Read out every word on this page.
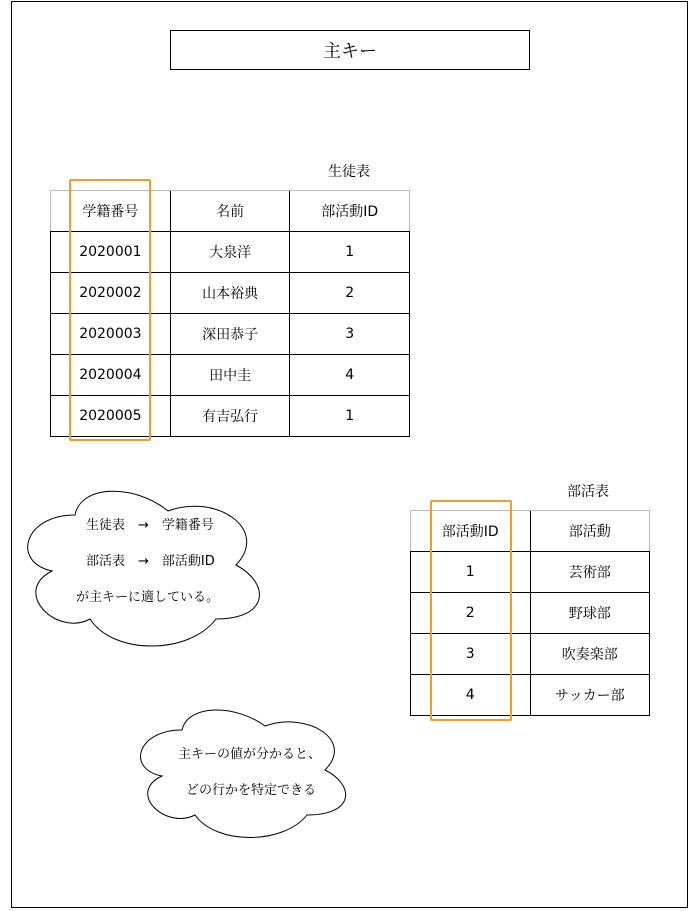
主キー
生徒表
学籍番号	名前	部活動ID
2020001	大泉洋	1
2020002	山本裕典	2
2020003	深田恭子	3
2020004	田中圭	4
2020005	有吉弘行	1
部活表
部活動ID	部活動
1	芸術部
2	野球部
3	吹奏楽部
4	サッカー部
生徒表　→　学籍番号
部活表　→　部活動ID
が主キーに適している。
主キーの値が分かると、
どの行かを特定できる
